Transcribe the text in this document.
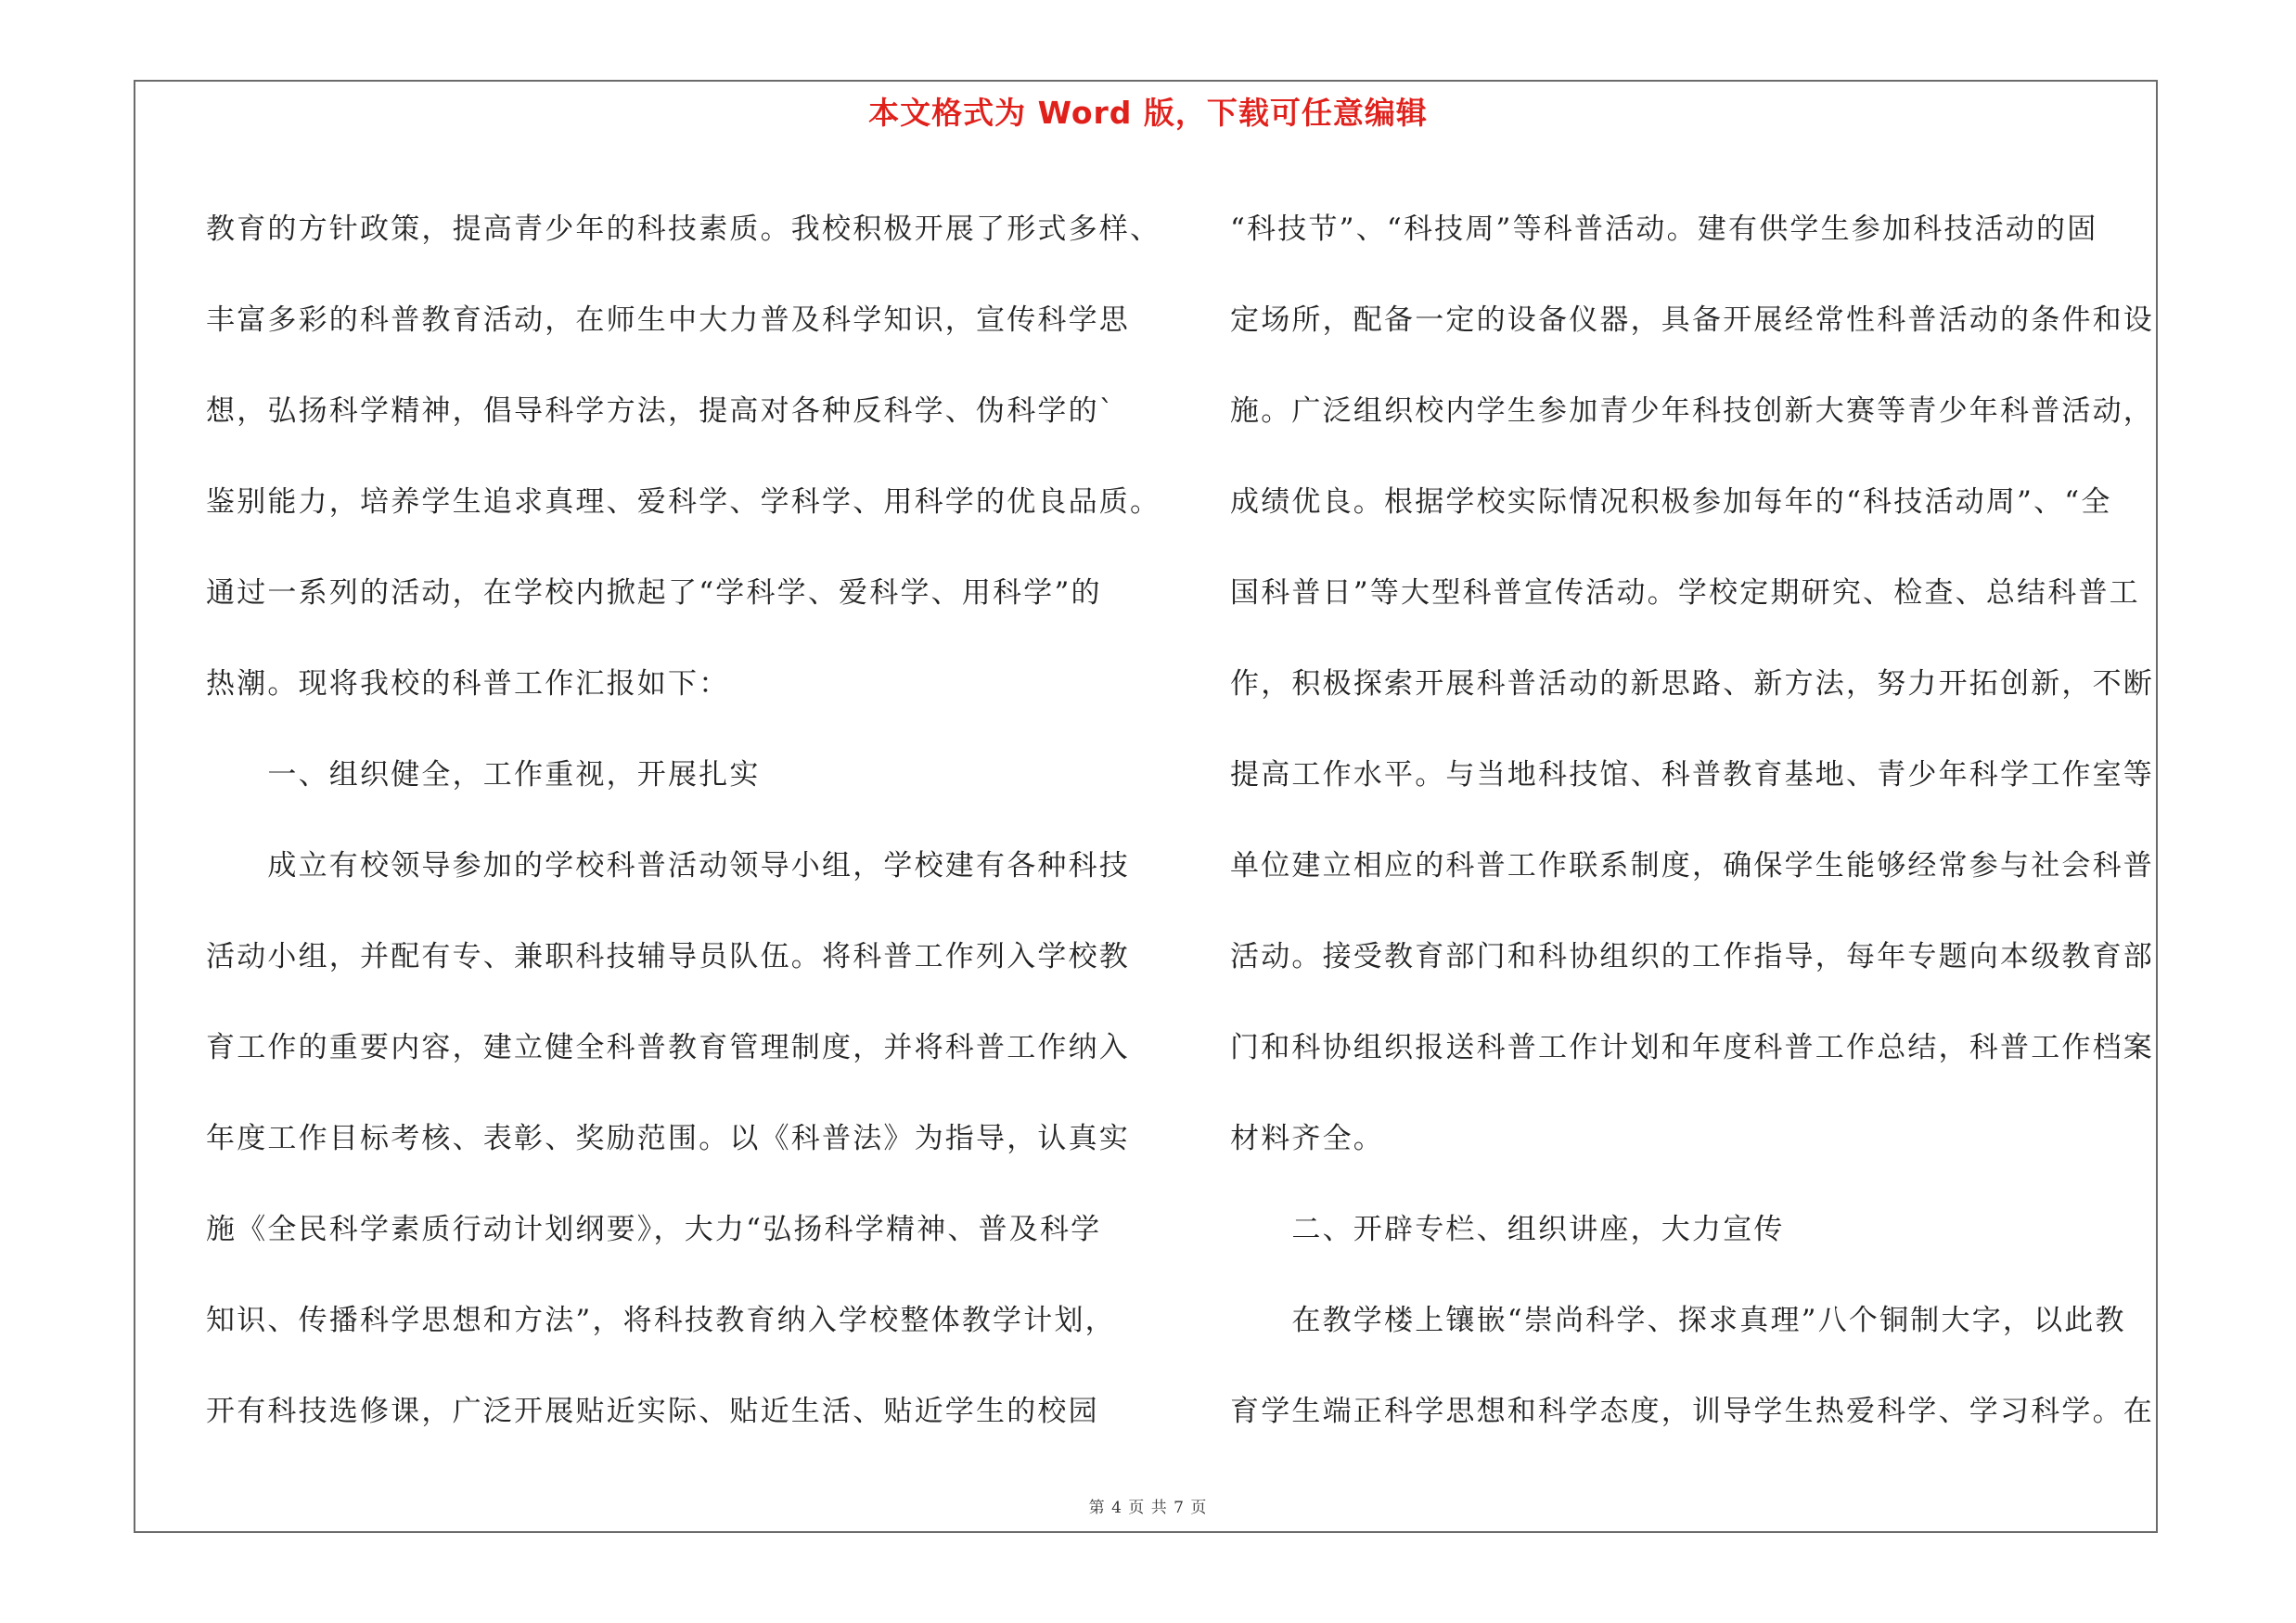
本文格式为 Word 版，下载可任意编辑
教育的方针政策，提高青少年的科技素质。我校积极开展了形式多样、
丰富多彩的科普教育活动，在师生中大力普及科学知识，宣传科学思
想，弘扬科学精神，倡导科学方法，提高对各种反科学、伪科学的`
鉴别能力，培养学生追求真理、爱科学、学科学、用科学的优良品质。
通过一系列的活动，在学校内掀起了“学科学、爱科学、用科学”的
热潮。现将我校的科普工作汇报如下：
　　一、组织健全，工作重视，开展扎实
　　成立有校领导参加的学校科普活动领导小组，学校建有各种科技
活动小组，并配有专、兼职科技辅导员队伍。将科普工作列入学校教
育工作的重要内容，建立健全科普教育管理制度，并将科普工作纳入
年度工作目标考核、表彰、奖励范围。以《科普法》为指导，认真实
施《全民科学素质行动计划纲要》，大力“弘扬科学精神、普及科学
知识、传播科学思想和方法”，将科技教育纳入学校整体教学计划，
开有科技选修课，广泛开展贴近实际、贴近生活、贴近学生的校园
“科技节”、“科技周”等科普活动。建有供学生参加科技活动的固
定场所，配备一定的设备仪器，具备开展经常性科普活动的条件和设
施。广泛组织校内学生参加青少年科技创新大赛等青少年科普活动，
成绩优良。根据学校实际情况积极参加每年的“科技活动周”、“全
国科普日”等大型科普宣传活动。学校定期研究、检查、总结科普工
作，积极探索开展科普活动的新思路、新方法，努力开拓创新，不断
提高工作水平。与当地科技馆、科普教育基地、青少年科学工作室等
单位建立相应的科普工作联系制度，确保学生能够经常参与社会科普
活动。接受教育部门和科协组织的工作指导，每年专题向本级教育部
门和科协组织报送科普工作计划和年度科普工作总结，科普工作档案
材料齐全。
　　二、开辟专栏、组织讲座，大力宣传
　　在教学楼上镶嵌“崇尚科学、探求真理”八个铜制大字，以此教
育学生端正科学思想和科学态度，训导学生热爱科学、学习科学。在
第 4 页 共 7 页
